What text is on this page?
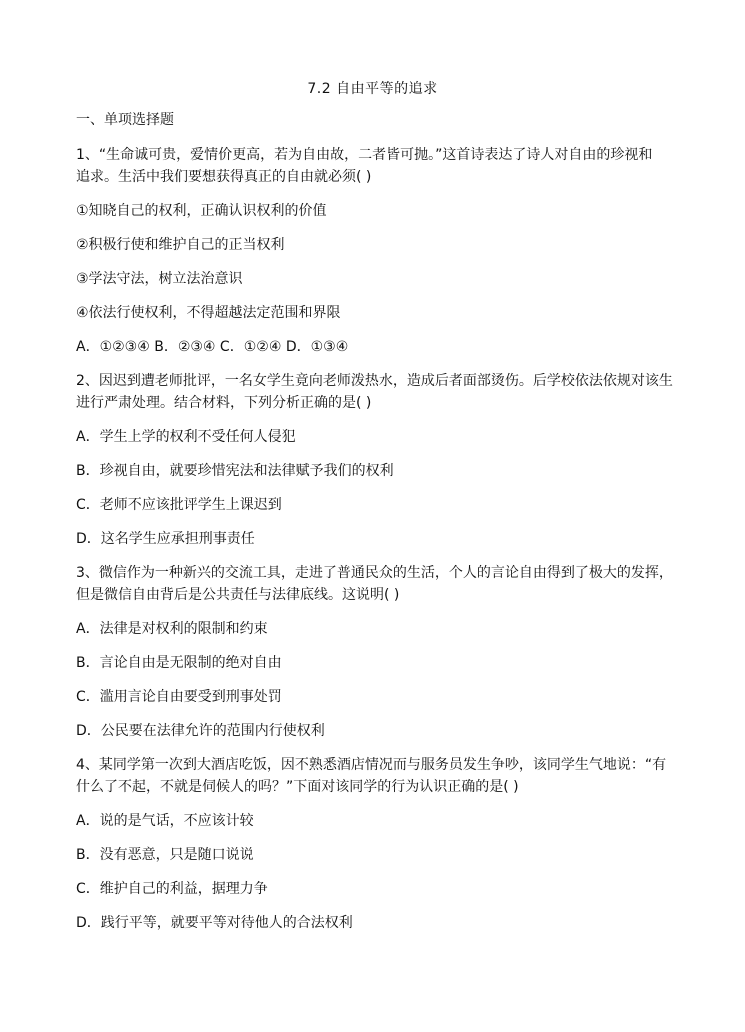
7.2 自由平等的追求
一、单项选择题
1、“生命诚可贵，爱情价更高，若为自由故，二者皆可抛。”这首诗表达了诗人对自由的珍视和
追求。生活中我们要想获得真正的自由就必须( )
①知晓自己的权利，正确认识权利的价值
②积极行使和维护自己的正当权利
③学法守法，树立法治意识
④依法行使权利，不得超越法定范围和界限
A．①②③④ B．②③④ C．①②④ D．①③④
2、因迟到遭老师批评，一名女学生竟向老师泼热水，造成后者面部烫伤。后学校依法依规对该生
进行严肃处理。结合材料，下列分析正确的是( )
A．学生上学的权利不受任何人侵犯
B．珍视自由，就要珍惜宪法和法律赋予我们的权利
C．老师不应该批评学生上课迟到
D．这名学生应承担刑事责任
3、微信作为一种新兴的交流工具，走进了普通民众的生活，个人的言论自由得到了极大的发挥，
但是微信自由背后是公共责任与法律底线。这说明( )
A．法律是对权利的限制和约束
B．言论自由是无限制的绝对自由
C．滥用言论自由要受到刑事处罚
D．公民要在法律允许的范围内行使权利
4、某同学第一次到大酒店吃饭，因不熟悉酒店情况而与服务员发生争吵，该同学生气地说：“有
什么了不起，不就是伺候人的吗？”下面对该同学的行为认识正确的是( )
A．说的是气话，不应该计较
B．没有恶意，只是随口说说
C．维护自己的利益，据理力争
D．践行平等，就要平等对待他人的合法权利
